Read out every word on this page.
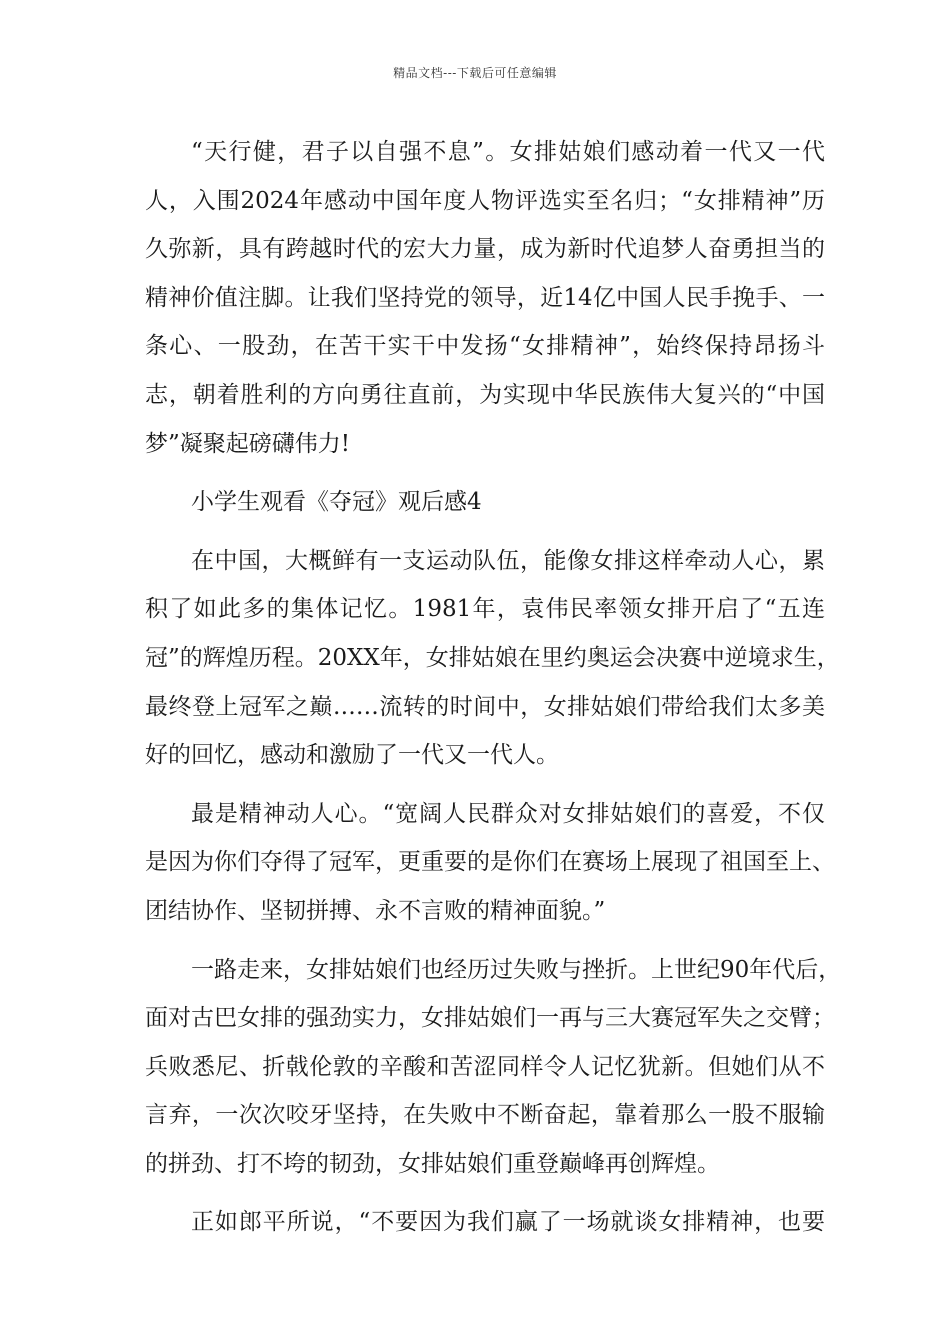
精品文档---下载后可任意编辑
“天行健，君子以自强不息”。女排姑娘们感动着一代又一代
人，入围2024年感动中国年度人物评选实至名归；“女排精神”历
久弥新，具有跨越时代的宏大力量，成为新时代追梦人奋勇担当的
精神价值注脚。让我们坚持党的领导，近14亿中国人民手挽手、一
条心、一股劲，在苦干实干中发扬“女排精神”，始终保持昂扬斗
志，朝着胜利的方向勇往直前，为实现中华民族伟大复兴的“中国
梦”凝聚起磅礴伟力!
小学生观看《夺冠》观后感4
在中国，大概鲜有一支运动队伍，能像女排这样牵动人心，累
积了如此多的集体记忆。1981年，袁伟民率领女排开启了“五连
冠”的辉煌历程。20XX年，女排姑娘在里约奥运会决赛中逆境求生，
最终登上冠军之巅……流转的时间中，女排姑娘们带给我们太多美
好的回忆，感动和激励了一代又一代人。
最是精神动人心。“宽阔人民群众对女排姑娘们的喜爱，不仅
是因为你们夺得了冠军，更重要的是你们在赛场上展现了祖国至上、
团结协作、坚韧拼搏、永不言败的精神面貌。”
一路走来，女排姑娘们也经历过失败与挫折。上世纪90年代后，
面对古巴女排的强劲实力，女排姑娘们一再与三大赛冠军失之交臂；
兵败悉尼、折戟伦敦的辛酸和苦涩同样令人记忆犹新。但她们从不
言弃，一次次咬牙坚持，在失败中不断奋起，靠着那么一股不服输
的拼劲、打不垮的韧劲，女排姑娘们重登巅峰再创辉煌。
正如郎平所说，“不要因为我们赢了一场就谈女排精神，也要
